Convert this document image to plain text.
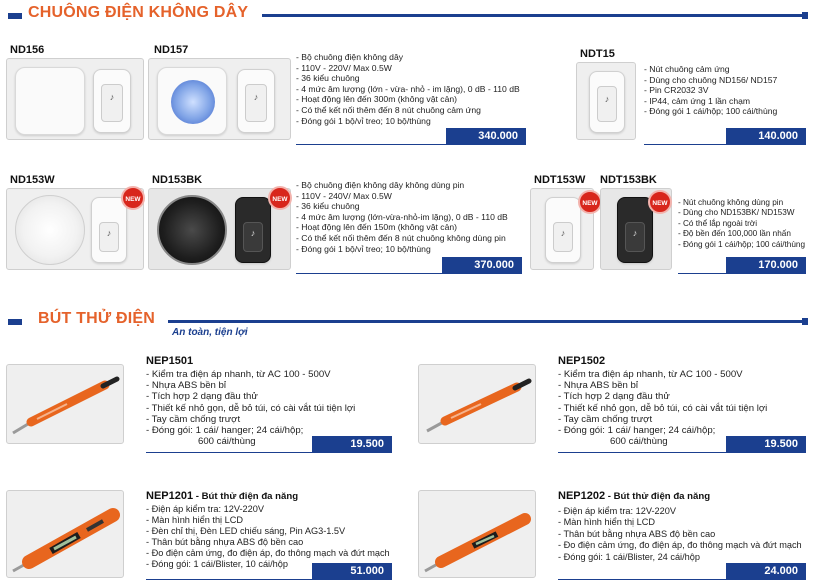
CHUÔNG ĐIỆN KHÔNG DÂY
ND156
♪
ND157
♪
- Bộ chuông điện không dây
- 110V - 220V/ Max 0.5W
- 36 kiểu chuông
- 4 mức âm lượng (lớn - vừa- nhỏ - im lặng), 0 dB - 110 dB
- Hoạt động lên đến 300m (không vật cản)
- Có thể kết nối thêm đến 8 nút chuông cảm ứng
- Đóng gói 1 bộ/vỉ treo; 10 bộ/thùng
340.000
NDT15
♪
- Nút chuông cảm ứng
- Dùng cho chuông ND156/ ND157
- Pin CR2032 3V
- IP44, cảm ứng 1 lần chạm
- Đóng gói 1 cái/hộp; 100 cái/thùng
140.000
ND153W
♪
NEW
ND153BK
♪
NEW
- Bộ chuông điện không dây không dùng pin
- 110V - 240V/ Max 0.5W
- 36 kiểu chuông
- 4 mức âm lượng (lớn-vừa-nhỏ-im lặng), 0 dB - 110 dB
- Hoạt động lên đến 150m (không vật cản)
- Có thể kết nối thêm đến 8 nút chuông không dùng pin
- Đóng gói 1 bộ/vỉ treo; 10 bộ/thùng
370.000
NDT153W NDT153BK
♪
NEW
♪
NEW	- Nút chuông không dùng pin
- Dùng cho ND153BK/ ND153W
- Có thể lắp ngoài trời
- Độ bền đến 100,000 lần nhấn
- Đóng gói 1 cái/hộp; 100 cái/thùng
170.000
BÚT THỬ ĐIỆN
An toàn, tiện lợi
NEP1501
- Kiểm tra điện áp nhanh, từ AC 100 - 500V
- Nhựa ABS bền bỉ
- Tích hợp 2 dạng đầu thử
- Thiết kế nhỏ gọn, dễ bỏ túi, có cài vắt túi tiện lợi
- Tay cầm chống trượt
- Đóng gói: 1 cái/ hanger; 24 cái/hộp;
600 cái/thùng	19.500
NEP1502
- Kiểm tra điện áp nhanh, từ AC 100 - 500V
- Nhựa ABS bền bỉ
- Tích hợp 2 dạng đầu thử
- Thiết kế nhỏ gọn, dễ bỏ túi, có cài vắt túi tiện lợi
- Tay cầm chống trượt
- Đóng gói: 1 cái/ hanger; 24 cái/hộp;
600 cái/thùng	19.500
NEP1201 - Bút thử điện đa năng
- Điện áp kiểm tra: 12V-220V
- Màn hình hiển thị LCD
- Đèn chỉ thị, Đèn LED chiếu sáng, Pin AG3-1.5V
- Thân bút bằng nhựa ABS độ bền cao
- Đo điện cảm ứng, đo điện áp, đo thông mạch và đứt mạch
- Đóng gói: 1 cái/Blister, 10 cái/hộp
51.000
NEP1202 - Bút thử điện đa năng
- Điện áp kiểm tra: 12V-220V
- Màn hình hiển thị LCD
- Thân bút bằng nhựa ABS độ bền cao
- Đo điện cảm ứng, đo điện áp, đo thông mạch và đứt mạch
- Đóng gói: 1 cái/Blister, 24 cái/hộp
24.000
